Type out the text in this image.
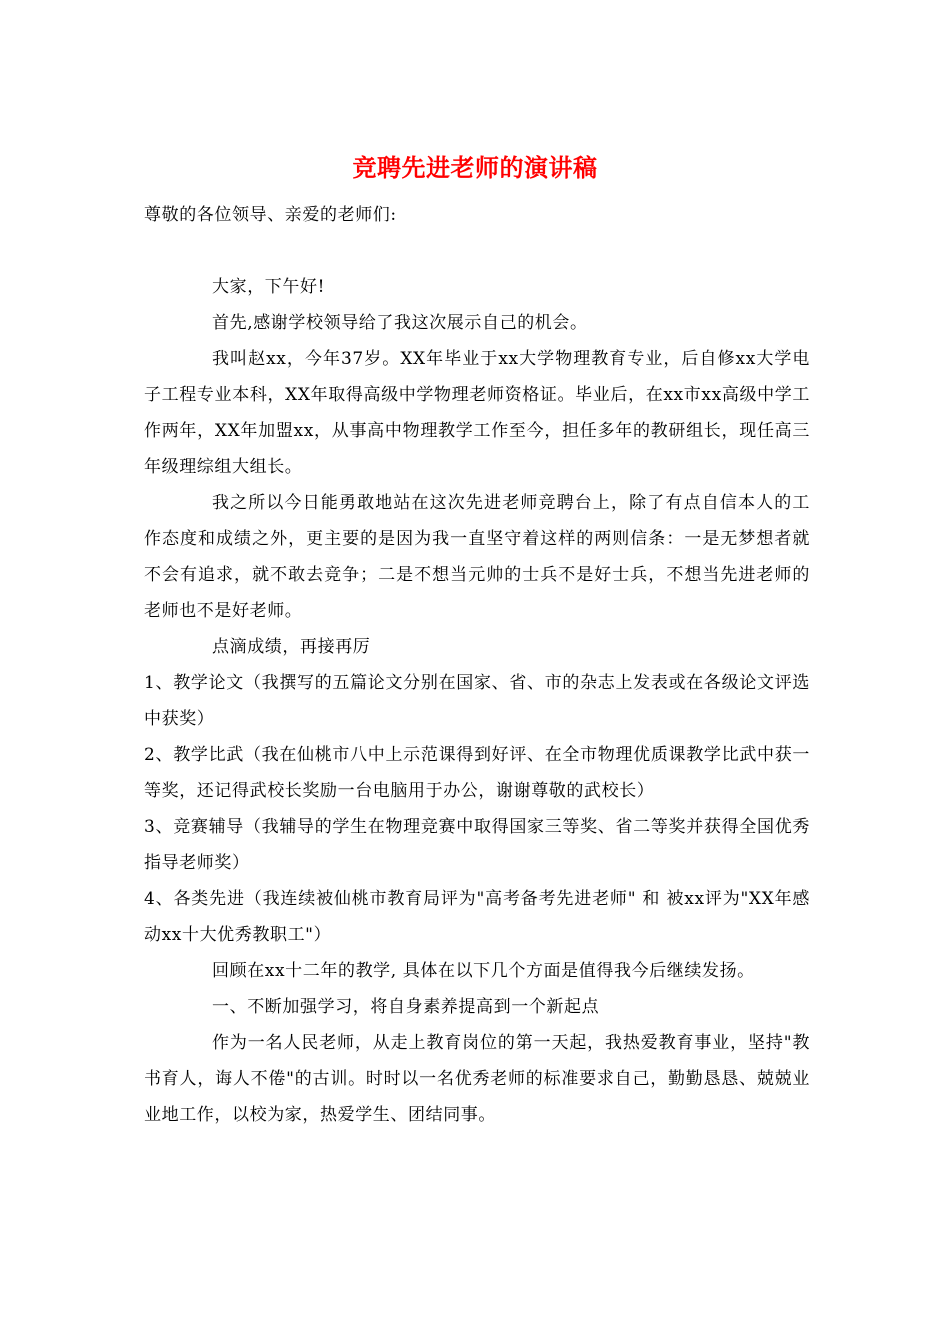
竞聘先进老师的演讲稿

尊敬的各位领导、亲爱的老师们:

大家，下午好!

首先,感谢学校领导给了我这次展示自己的机会。

我叫赵xx，今年37岁。XX年毕业于xx大学物理教育专业，后自修xx大学电子工程专业本科，XX年取得高级中学物理老师资格证。毕业后，在xx市xx高级中学工作两年，XX年加盟xx，从事高中物理教学工作至今，担任多年的教研组长，现任高三年级理综组大组长。

我之所以今日能勇敢地站在这次先进老师竞聘台上，除了有点自信本人的工作态度和成绩之外，更主要的是因为我一直坚守着这样的两则信条：一是无梦想者就不会有追求，就不敢去竞争；二是不想当元帅的士兵不是好士兵，不想当先进老师的老师也不是好老师。

点滴成绩，再接再厉

1、教学论文（我撰写的五篇论文分别在国家、省、市的杂志上发表或在各级论文评选中获奖）

2、教学比武（我在仙桃市八中上示范课得到好评、在全市物理优质课教学比武中获一等奖，还记得武校长奖励一台电脑用于办公，谢谢尊敬的武校长）

3、竞赛辅导（我辅导的学生在物理竞赛中取得国家三等奖、省二等奖并获得全国优秀指导老师奖）

4、各类先进（我连续被仙桃市教育局评为"高考备考先进老师" 和 被xx评为"XX年感动xx十大优秀教职工"）

回顾在xx十二年的教学, 具体在以下几个方面是值得我今后继续发扬。

一、不断加强学习，将自身素养提高到一个新起点

作为一名人民老师，从走上教育岗位的第一天起，我热爱教育事业，坚持"教书育人，诲人不倦"的古训。时时以一名优秀老师的标准要求自己，勤勤恳恳、兢兢业业地工作，以校为家，热爱学生、团结同事。
